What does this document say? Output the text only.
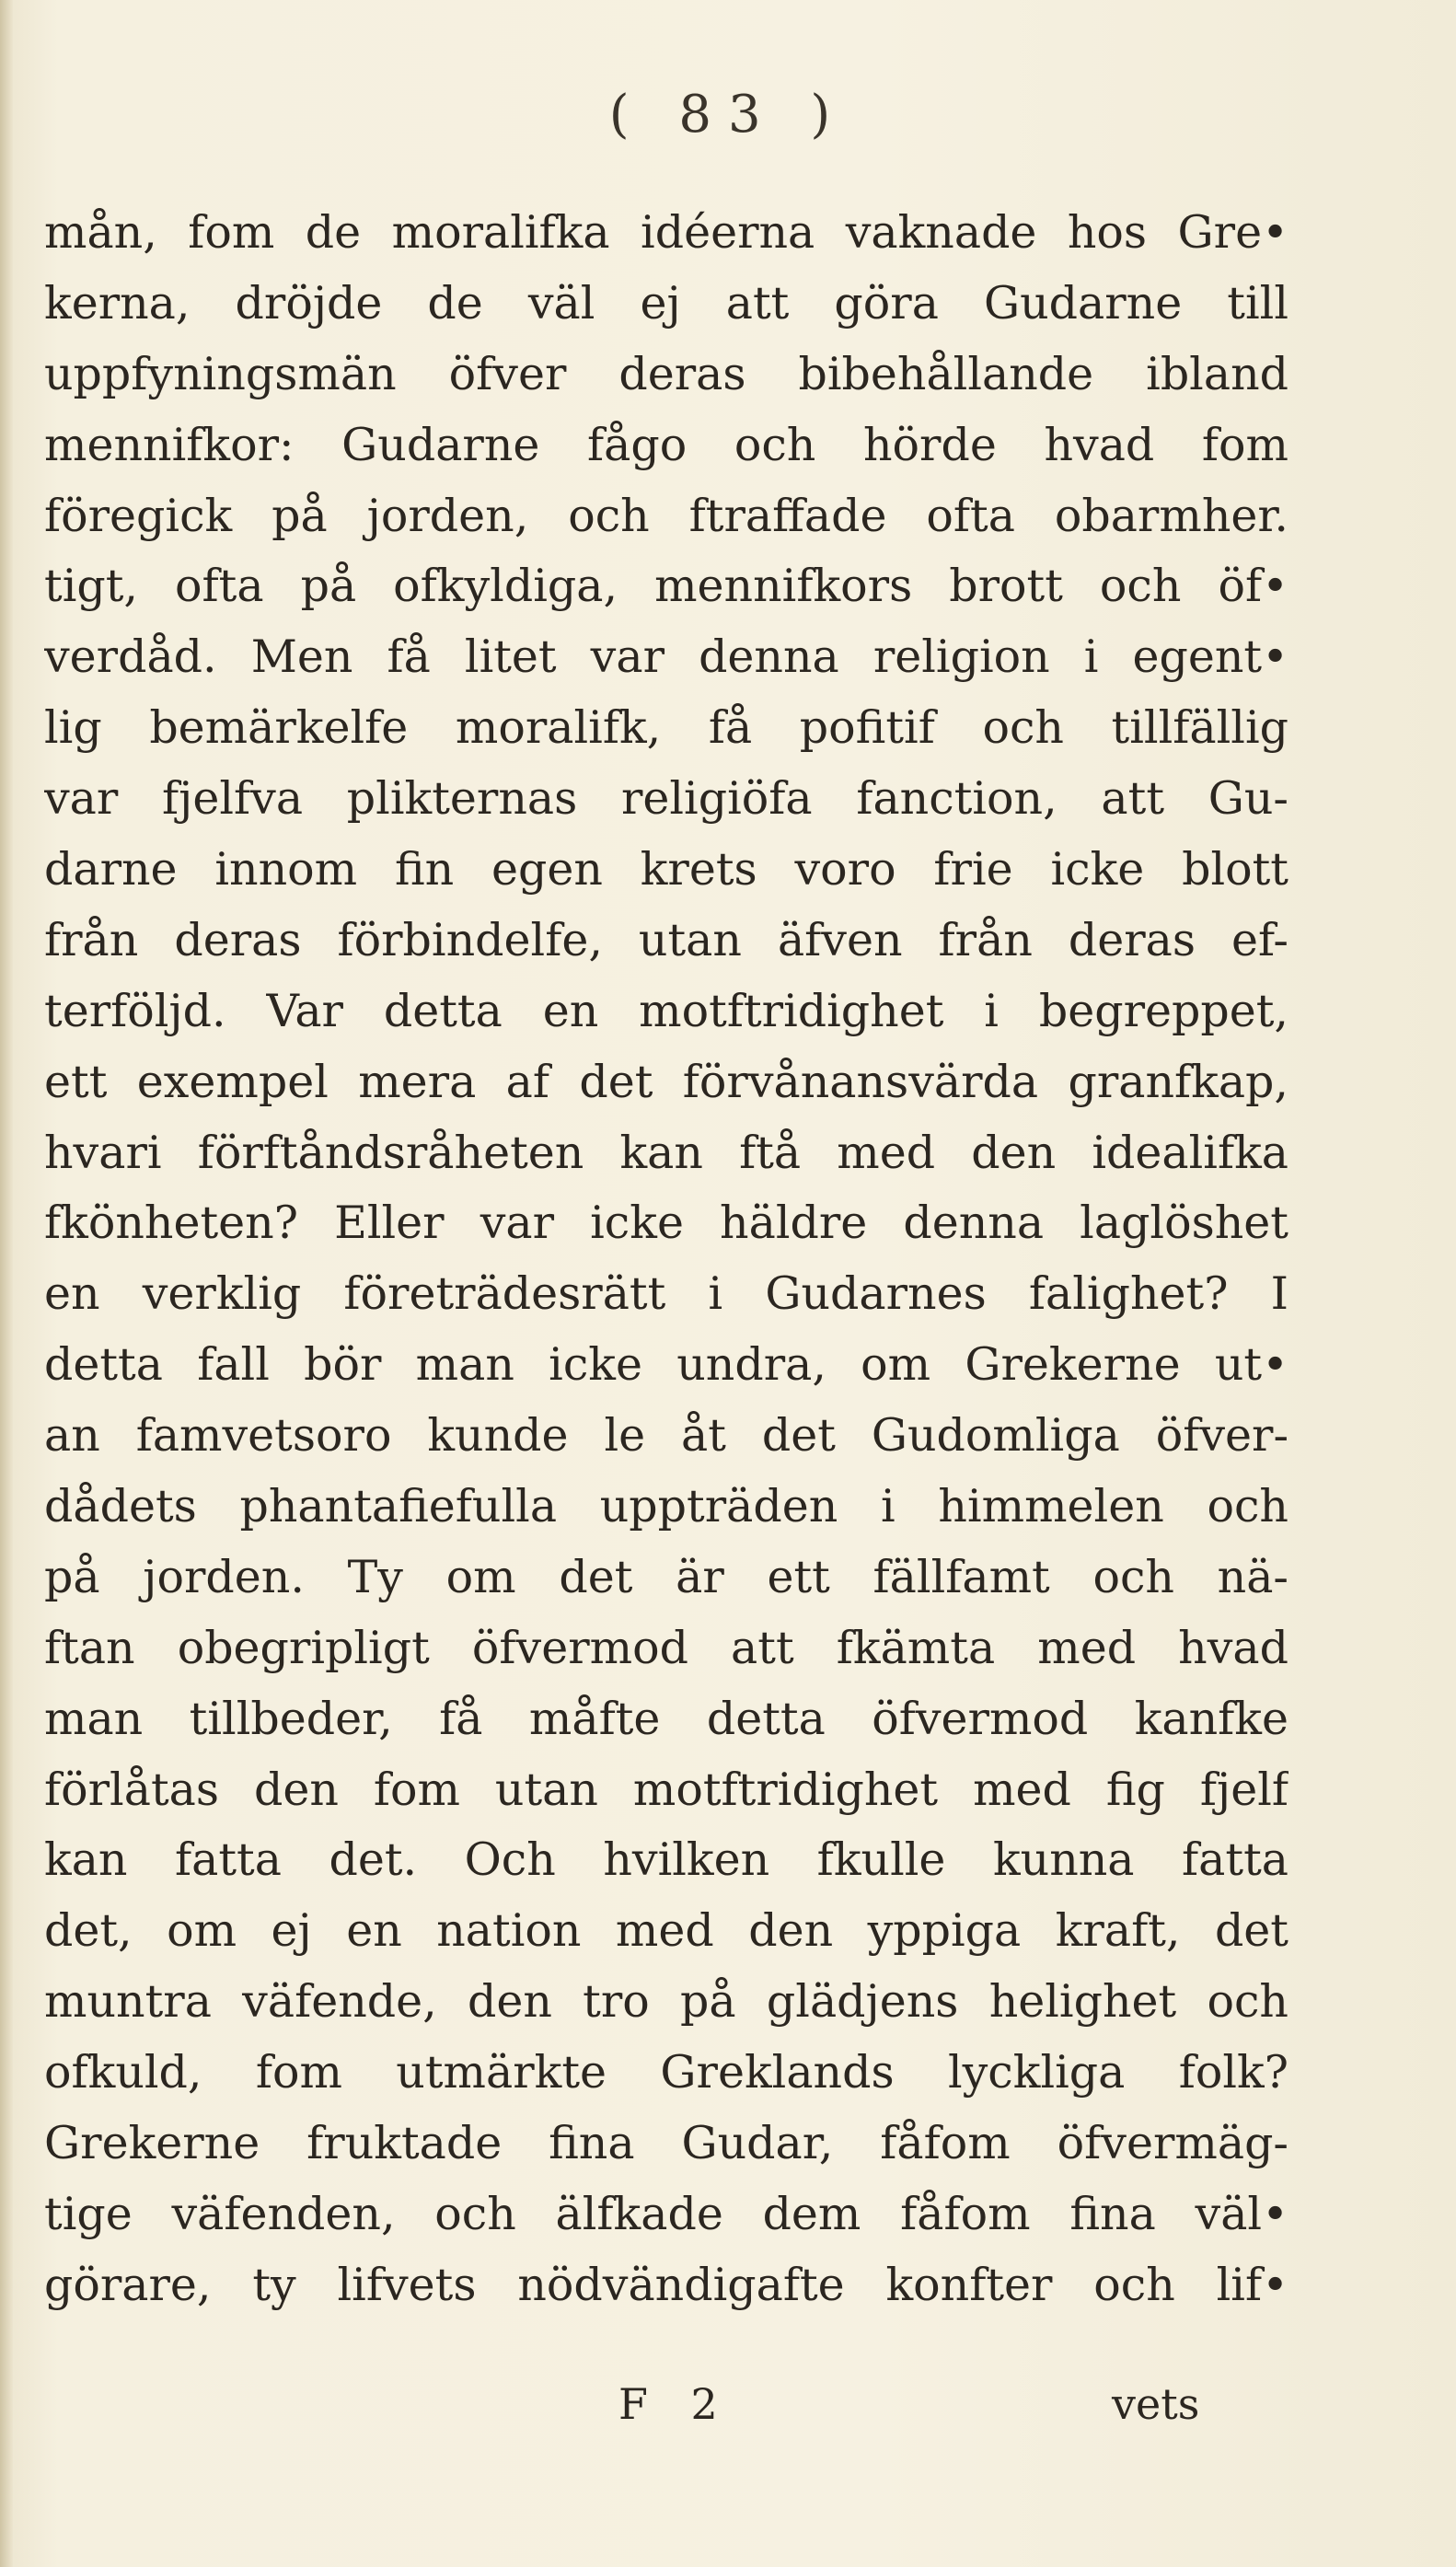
( 83 )
mån, fom de moralifka idéerna vaknade hos Gre•
kerna, dröjde de väl ej att göra Gudarne till
uppfyningsmän öfver deras bibehållande ibland
mennifkor: Gudarne fågo och hörde hvad fom
föregick på jorden, och ftraffade ofta obarmher.
tigt, ofta på ofkyldiga, mennifkors brott och öf•
verdåd. Men få litet var denna religion i egent•
lig bemärkelfe moralifk, få pofitif och tillfällig
var fjelfva plikternas religiöfa fanction, att Gu-
darne innom fin egen krets voro frie icke blott
från deras förbindelfe, utan äfven från deras ef-
terföljd. Var detta en motftridighet i begreppet,
ett exempel mera af det förvånansvärda granfkap,
hvari förftåndsråheten kan ftå med den idealifka
fkönheten? Eller var icke häldre denna laglöshet
en verklig företrädesrätt i Gudarnes falighet? I
detta fall bör man icke undra, om Grekerne ut•
an famvetsoro kunde le åt det Gudomliga öfver-
dådets phantafiefulla uppträden i himmelen och
på jorden. Ty om det är ett fällfamt och nä-
ftan obegripligt öfvermod att fkämta med hvad
man tillbeder, få måfte detta öfvermod kanfke
förlåtas den fom utan motftridighet med fig fjelf
kan fatta det. Och hvilken fkulle kunna fatta
det, om ej en nation med den yppiga kraft, det
muntra väfende, den tro på glädjens helighet och
ofkuld, fom utmärkte Greklands lyckliga folk?
Grekerne fruktade fina Gudar, fåfom öfvermäg-
tige väfenden, och älfkade dem fåfom fina väl•
görare, ty lifvets nödvändigafte konfter och lif•
F 2	vets
